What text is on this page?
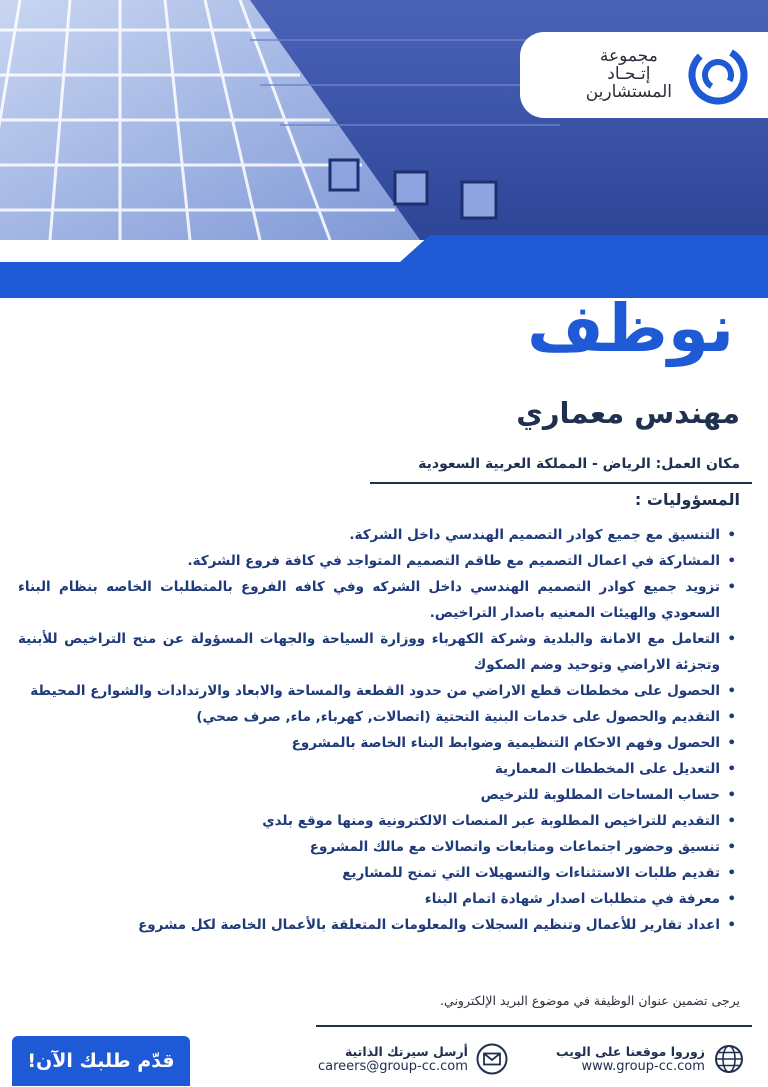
مجموعة
إتـحـاد
المستشارين
نحن
نوظف
مهندس معماري
مكان العمل: الرياض - المملكة العربية السعودية
المسؤوليات :
• التنسيق مع جميع كوادر التصميم الهندسي داخل الشركة.
• المشاركة في اعمال التصميم مع طاقم التصميم المتواجد في كافة فروع الشركة.
• تزويد جميع كوادر التصميم الهندسي داخل الشركه وفي كافه الفروع بالمتطلبات الخاصه بنظام البناء السعودي والهيئات المعنيه باصدار التراخيص.
• التعامل مع الامانة والبلدية وشركة الكهرباء ووزارة السياحة والجهات المسؤولة عن منح التراخيص للأبنية وتجزئة الاراضي وتوحيد وضم الصكوك
• الحصول على مخططات قطع الاراضي من حدود القطعة والمساحة والابعاد والارتدادات والشوارع المحيطة
• التقديم والحصول على خدمات البنية التحتية (اتصالات, كهرباء, ماء, صرف صحي)
• الحصول وفهم الاحكام التنظيمية وضوابط البناء الخاصة بالمشروع
• التعديل على المخططات المعمارية
• حساب المساحات المطلوبة للترخيص
• التقديم للتراخيص المطلوبة عبر المنصات الالكترونية ومنها موقع بلدي
• تنسيق وحضور اجتماعات ومتابعات واتصالات مع مالك المشروع
• تقديم طلبات الاستثناءات والتسهيلات التي تمنح للمشاريع
• معرفة في متطلبات اصدار شهادة اتمام البناء
• اعداد تقارير للأعمال وتنظيم السجلات والمعلومات المتعلقة بالأعمال الخاصة لكل مشروع
يرجى تضمين عنوان الوظيفة في موضوع البريد الإلكتروني.
قدّم طلبك الآن!	أرسل سيرتك الذاتية
careers@group-cc.com
زوروا موقعنا على الويب
www.group-cc.com
